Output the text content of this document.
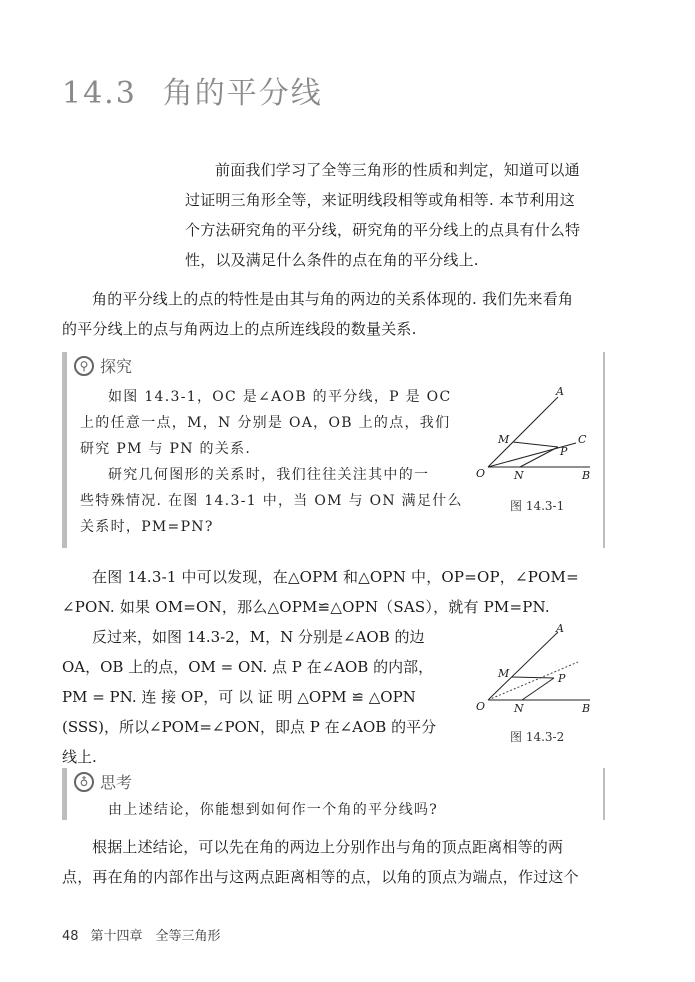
14.3 角的平分线
前面我们学习了全等三角形的性质和判定，知道可以通
过证明三角形全等，来证明线段相等或角相等. 本节利用这
个方法研究角的平分线，研究角的平分线上的点具有什么特
性，以及满足什么条件的点在角的平分线上.
角的平分线上的点的特性是由其与角的两边的关系体现的. 我们先来看角
的平分线上的点与角两边上的点所连线段的数量关系.
⚲ 探究
如图 14.3-1，OC 是∠AOB 的平分线，P 是 OC
上的任意一点，M，N 分别是 OA，OB 上的点，我们
研究 PM 与 PN 的关系.
研究几何图形的关系时，我们往往关注其中的一
些特殊情况. 在图 14.3-1 中，当 OM 与 ON 满足什么
关系时，PM=PN?
A
M	C
P
O	N	B
图 14.3-1
在图 14.3-1 中可以发现，在△OPM 和△OPN 中，OP=OP，∠POM=
∠PON. 如果 OM=ON，那么△OPM≌△OPN（SAS），就有 PM=PN.
反过来，如图 14.3-2，M，N 分别是∠AOB 的边
OA，OB 上的点，OM = ON. 点 P 在∠AOB 的内部，
PM = PN. 连 接 OP，可 以 证 明 △OPM ≌ △OPN
(SSS)，所以∠POM=∠PON，即点 P 在∠AOB 的平分
线上.
A
M	P
O	N	B
图 14.3-2
♁ 思考
由上述结论，你能想到如何作一个角的平分线吗?
根据上述结论，可以先在角的两边上分别作出与角的顶点距离相等的两
点，再在角的内部作出与这两点距离相等的点，以角的顶点为端点，作过这个
48 第十四章　全等三角形
